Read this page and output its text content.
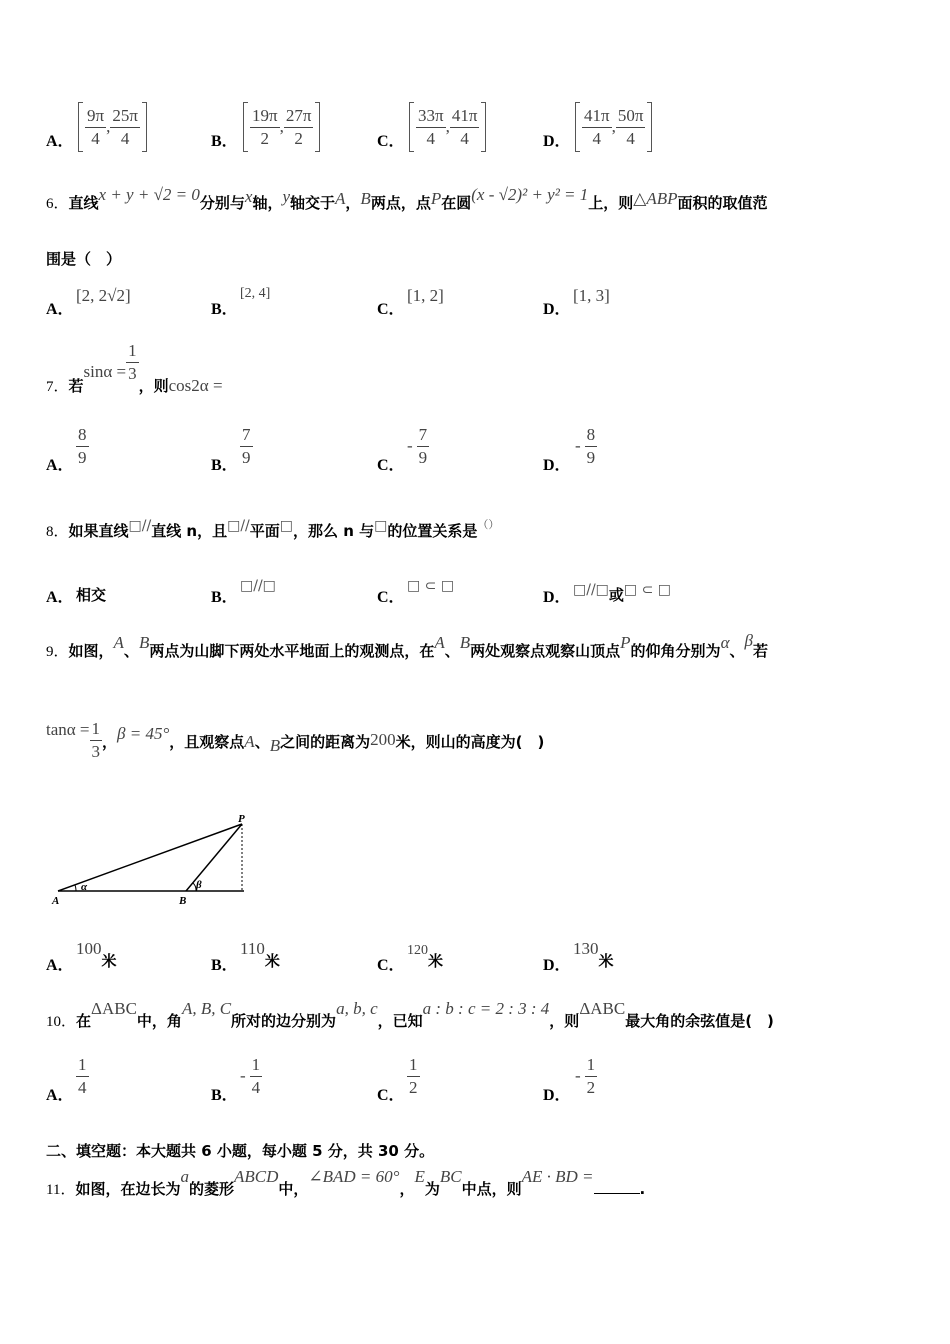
A． $\frac{9\pi}{4}$ , $\frac{25\pi}{4}$	B． $\frac{19\pi}{2}$ , $\frac{27\pi}{2}$	C． $\frac{33\pi}{4}$ , $\frac{41\pi}{4}$	D． $\frac{41\pi}{4}$ , $\frac{50\pi}{4}$
6．直线x + y + √2 = 0分别与x轴，y轴交于A，B两点，点P在圆(x - √2)² + y² = 1上，则△ABP面积的取值范
围是（　）
A．
[2, 2√2]
B．
[2, 4]
C．
[1, 2]
D．
[1, 3]
7．若$\sin\alpha = \frac{1}{3}$
，则cos2α =
A． $\frac{8}{9}$	B． $\frac{7}{9}$	C．
- $\frac{7}{9}$	D．
- $\frac{8}{9}$
8．如果直线□//直线 n，且□//平面□，那么 n 与□的位置关系是（）
A． 相交	B．
□//□
C．
□ ⊂ □
D． □//□或□ ⊂ □
9．如图，A、B两点为山脚下两处水平地面上的观测点，在A、B两处观察点观察山顶点P的仰角分别为α、β若
$\tan\alpha = \frac{1}{3}$ ，β = 45°，且观察点A、B之间的距离为200米，则山的高度为(　)
P
A	B
α	β
A．
100米	B．
110米	C．
120米	D．
130米
10．在ΔABC中，角A, B, C所对的边分别为a, b, c，已知a : b : c = 2 : 3 : 4，则ΔABC最大角的余弦值是(　)
A． $\frac{1}{4}$	B．
- $\frac{1}{4}$	C． $\frac{1}{2}$	D．
- $\frac{1}{2}$
二、填空题：本大题共 6 小题，每小题 5 分，共 30 分。
11．如图，在边长为a的菱形ABCD中，∠BAD = 60°，E为BC中点，则AE · BD =.
